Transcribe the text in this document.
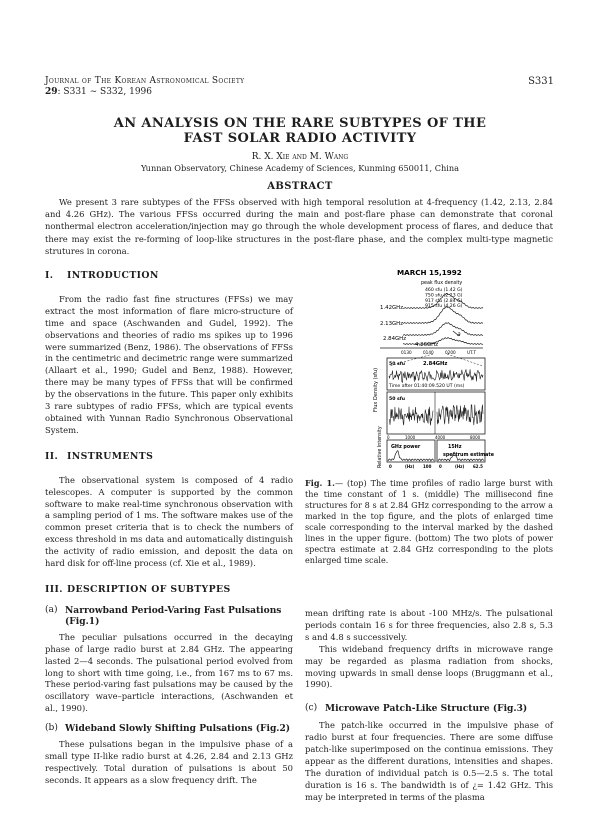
Journal of The Korean Astronomical Society
29: S331 ∼ S332, 1996
S331
AN ANALYSIS ON THE RARE SUBTYPES OF THE
FAST SOLAR RADIO ACTIVITY
R. X. Xie and M. Wang
Yunnan Observatory, Chinese Academy of Sciences, Kunming 650011, China
ABSTRACT

We present 3 rare subtypes of the FFSs observed with high temporal resolution at 4-frequency (1.42, 2.13, 2.84 and 4.26 GHz). The various FFSs occurred during the main and post-flare phase can demonstrate that coronal nonthermal electron acceleration/injection may go through the whole development process of flares, and deduce that there may exist the re-forming of loop-like structures in the post-flare phase, and the complex multi-type magnetic strutures in corona.

I. INTRODUCTION

From the radio fast fine structures (FFSs) we may extract the most information of flare micro-structure of time and space (Aschwanden and Gudel, 1992). The observations and theories of radio ms spikes up to 1996 were summarized (Benz, 1986). The observations of FFSs in the centimetric and decimetric range were summarized (Allaart et al., 1990; Gudel and Benz, 1988). However, there may be many types of FFSs that will be confirmed by the observations in the future. This paper only exhibits 3 rare subtypes of radio FFSs, which are typical events obtained with Yunnan Radio Synchronous Observational System.

II. INSTRUMENTS

The observational system is composed of 4 radio telescopes. A computer is supported by the common software to make real-time synchronous observation with a sampling period of 1 ms. The software makes use of the common preset criteria that is to check the numbers of excess threshold in ms data and automatically distinguish the activity of radio emission, and deposit the data on hard disk for off-line process (cf. Xie et al., 1989).

III. DESCRIPTION OF SUBTYPES
(a) Narrowband Period-Varing Fast Pulsations (Fig.1)

The peculiar pulsations occurred in the decaying phase of large radio burst at 2.84 GHz. The appearing lasted 2—4 seconds. The pulsational period evolved from long to short with time going, i.e., from 167 ms to 67 ms. These period-varing fast pulsations may be caused by the oscillatory wave–particle interactions, (Aschwanden et al., 1990).

(b) Wideband Slowly Shifting Pulsations (Fig.2)

These pulsations began in the impulsive phase of a small type II-like radio burst at 4.26, 2.84 and 2.13 GHz respectively. Total duration of pulsations is about 50 seconds. It appears as a slow frequency drift. The

MARCH 15,1992
peak flux density
460 sfu (1.42 G)
750 sfu (2.13 G)
917 sfu (2.84 G)
915 sfu (4.26 G)
1.42GHz
2.13GHz
2.84GHz
4.26GHz
a
0130	0140	0200	UT.T
Flux Density (sfu)
50 sfu	2.84GHz
Time after 01:40:09.520 UT (ms)
50 sfu
0	1000	4000	8000
Relative Intensity GHz power	15Hz
spectrum estimate
0	(Hz) 100 0	(Hz) 62.5

Fig. 1.— (top) The time profiles of radio large burst with the time constant of 1 s. (middle) The millisecond fine structures for 8 s at 2.84 GHz corresponding to the arrow a marked in the top figure, and the plots of enlarged time scale corresponding to the interval marked by the dashed lines in the upper figure. (bottom) The two plots of power spectra estimate at 2.84 GHz corresponding to the plots enlarged time scale.

mean drifting rate is about -100 MHz/s. The pulsational periods contain 16 s for three frequencies, also 2.8 s, 5.3 s and 4.8 s successively.

This wideband frequency drifts in microwave range may be regarded as plasma radiation from shocks, moving upwards in small dense loops (Bruggmann et al., 1990).

(c) Microwave Patch-Like Structure (Fig.3)

The patch-like occurred in the impulsive phase of radio burst at four frequencies. There are some diffuse patch-like superimposed on the continua emissions. They appear as the different durations, intensities and shapes. The duration of individual patch is 0.5—2.5 s. The total duration is 16 s. The bandwidth is of ¿= 1.42 GHz. This may be interpreted in terms of the plasma
